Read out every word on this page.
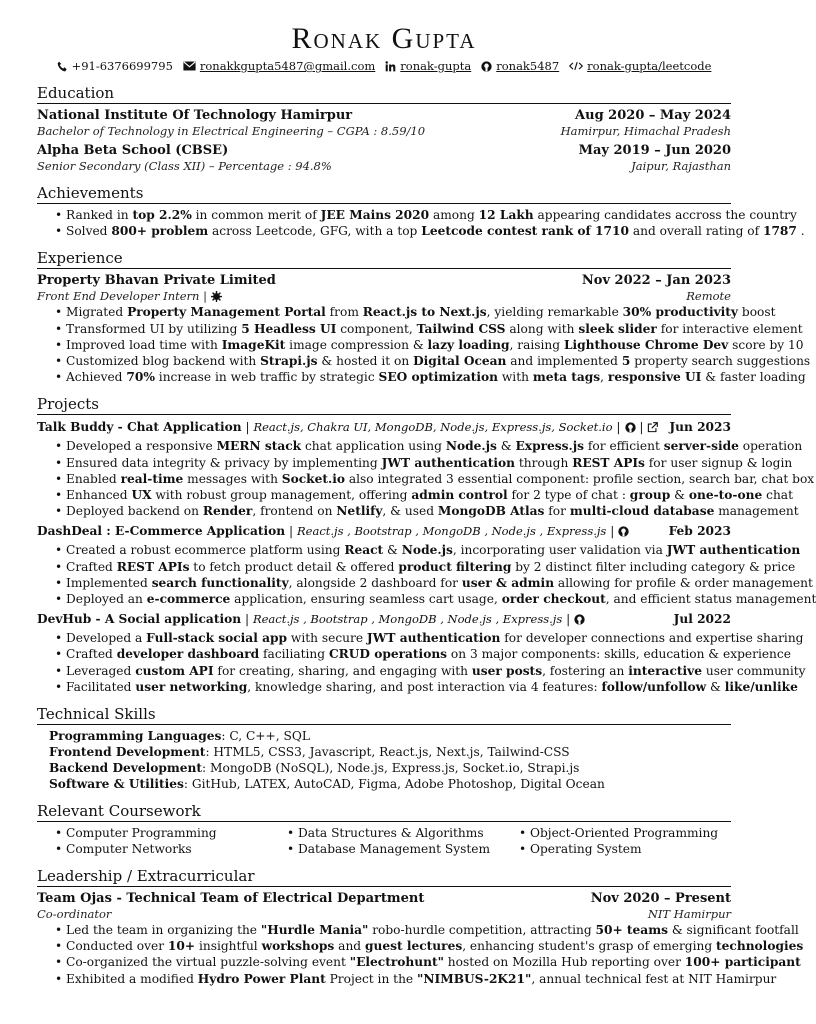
Ronak Gupta
+91-6376699795 ronakkgupta5487@gmail.com ronak-gupta ronak5487 ronak-gupta/leetcode
Education
National Institute Of Technology Hamirpur	Aug 2020 – May 2024
Bachelor of Technology in Electrical Engineering – CGPA : 8.59/10	Hamirpur, Himachal Pradesh
Alpha Beta School (CBSE)	May 2019 – Jun 2020
Senior Secondary (Class XII) – Percentage : 94.8%	Jaipur, Rajasthan
Achievements
• Ranked in top 2.2% in common merit of JEE Mains 2020 among 12 Lakh appearing candidates accross the country
• Solved 800+ problem across Leetcode, GFG, with a top Leetcode contest rank of 1710 and overall rating of 1787 .
Experience
Property Bhavan Private Limited	Nov 2022 – Jan 2023
Front End Developer Intern |	Remote
• Migrated Property Management Portal from React.js to Next.js, yielding remarkable 30% productivity boost
• Transformed UI by utilizing 5 Headless UI component, Tailwind CSS along with sleek slider for interactive element
• Improved load time with ImageKit image compression & lazy loading, raising Lighthouse Chrome Dev score by 10
• Customized blog backend with Strapi.js & hosted it on Digital Ocean and implemented 5 property search suggestions
• Achieved 70% increase in web traffic by strategic SEO optimization with meta tags, responsive UI & faster loading
Projects
Talk Buddy - Chat Application | React.js, Chakra UI, MongoDB, Node.js, Express.js, Socket.io | |	Jun 2023
• Developed a responsive MERN stack chat application using Node.js & Express.js for efficient server-side operation
• Ensured data integrity & privacy by implementing JWT authentication through REST APIs for user signup & login
• Enabled real-time messages with Socket.io also integrated 3 essential component: profile section, search bar, chat box
• Enhanced UX with robust group management, offering admin control for 2 type of chat : group & one-to-one chat
• Deployed backend on Render, frontend on Netlify, & used MongoDB Atlas for multi-cloud database management
DashDeal : E-Commerce Application | React.js , Bootstrap , MongoDB , Node.js , Express.js |	Feb 2023
• Created a robust ecommerce platform using React & Node.js, incorporating user validation via JWT authentication
• Crafted REST APIs to fetch product detail & offered product filtering by 2 distinct filter including category & price
• Implemented search functionality, alongside 2 dashboard for user & admin allowing for profile & order management
• Deployed an e-commerce application, ensuring seamless cart usage, order checkout, and efficient status management
DevHub - A Social application | React.js , Bootstrap , MongoDB , Node.js , Express.js |	Jul 2022
• Developed a Full-stack social app with secure JWT authentication for developer connections and expertise sharing
• Crafted developer dashboard faciliating CRUD operations on 3 major components: skills, education & experience
• Leveraged custom API for creating, sharing, and engaging with user posts, fostering an interactive user community
• Facilitated user networking, knowledge sharing, and post interaction via 4 features: follow/unfollow & like/unlike
Technical Skills
Programming Languages: C, C++, SQL
Frontend Development: HTML5, CSS3, Javascript, React.js, Next.js, Tailwind-CSS
Backend Development: MongoDB (NoSQL), Node.js, Express.js, Socket.io, Strapi.js
Software & Utilities: GitHub, LATEX, AutoCAD, Figma, Adobe Photoshop, Digital Ocean
Relevant Coursework
• Computer Programming	• Data Structures & Algorithms	• Object-Oriented Programming
• Computer Networks	• Database Management System	• Operating System
Leadership / Extracurricular
Team Ojas - Technical Team of Electrical Department	Nov 2020 – Present
Co-ordinator	NIT Hamirpur
• Led the team in organizing the "Hurdle Mania" robo-hurdle competition, attracting 50+ teams & significant footfall
• Conducted over 10+ insightful workshops and guest lectures, enhancing student's grasp of emerging technologies
• Co-organized the virtual puzzle-solving event "Electrohunt" hosted on Mozilla Hub reporting over 100+ participant
• Exhibited a modified Hydro Power Plant Project in the "NIMBUS-2K21", annual technical fest at NIT Hamirpur
